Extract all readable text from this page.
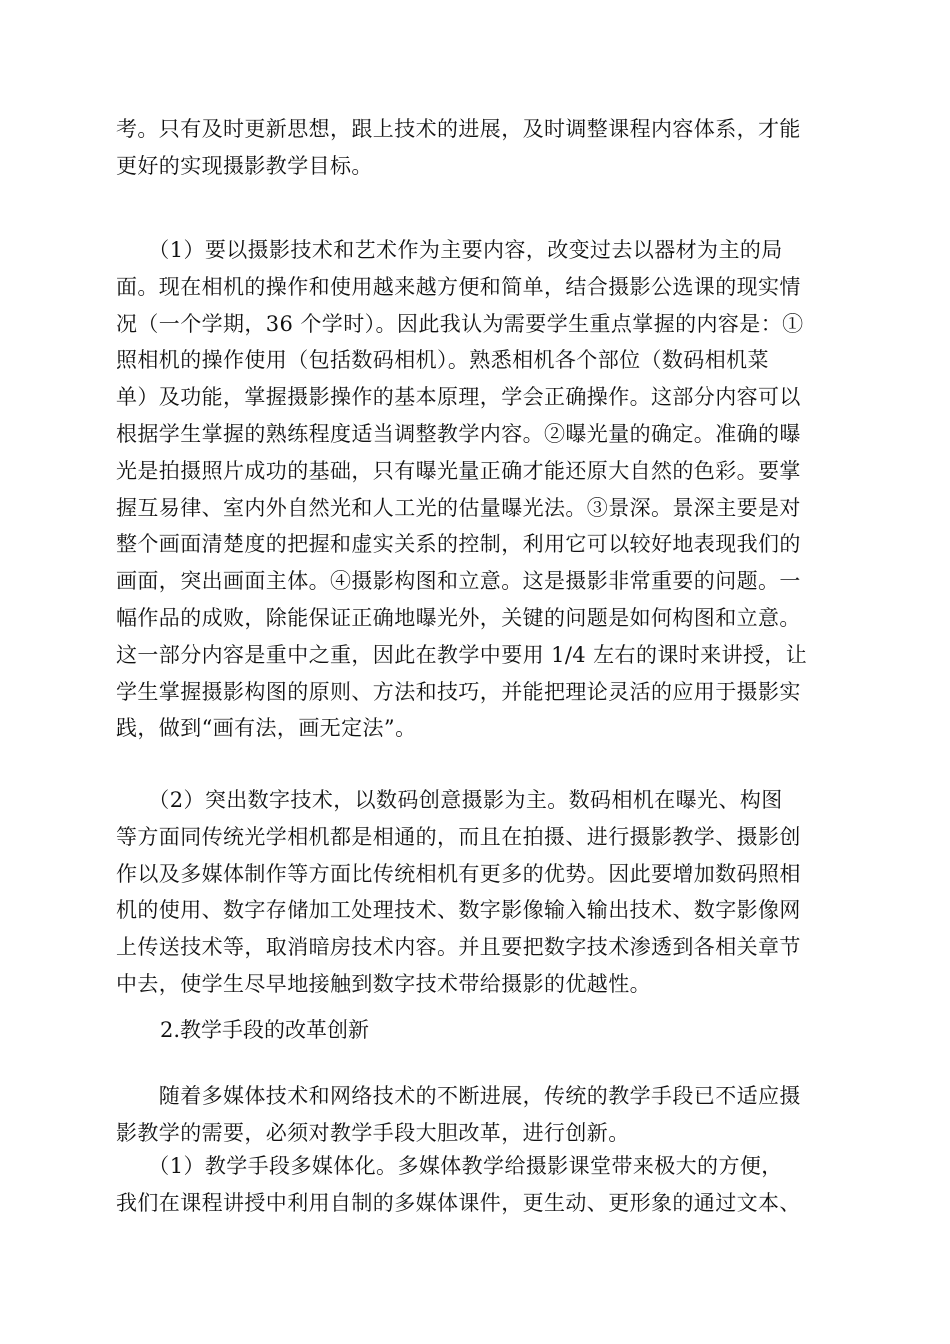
考。只有及时更新思想，跟上技术的进展，及时调整课程内容体系，才能
更好的实现摄影教学目标。

　　（1）要以摄影技术和艺术作为主要内容，改变过去以器材为主的局
面。现在相机的操作和使用越来越方便和简单，结合摄影公选课的现实情
况（一个学期，36 个学时）。因此我认为需要学生重点掌握的内容是：①
照相机的操作使用（包括数码相机）。熟悉相机各个部位（数码相机菜
单）及功能，掌握摄影操作的基本原理，学会正确操作。这部分内容可以
根据学生掌握的熟练程度适当调整教学内容。②曝光量的确定。准确的曝
光是拍摄照片成功的基础，只有曝光量正确才能还原大自然的色彩。要掌
握互易律、室内外自然光和人工光的估量曝光法。③景深。景深主要是对
整个画面清楚度的把握和虚实关系的控制，利用它可以较好地表现我们的
画面，突出画面主体。④摄影构图和立意。这是摄影非常重要的问题。一
幅作品的成败，除能保证正确地曝光外，关键的问题是如何构图和立意。
这一部分内容是重中之重，因此在教学中要用 1/4 左右的课时来讲授，让
学生掌握摄影构图的原则、方法和技巧，并能把理论灵活的应用于摄影实
践，做到“画有法，画无定法”。

　　（2）突出数字技术，以数码创意摄影为主。数码相机在曝光、构图
等方面同传统光学相机都是相通的，而且在拍摄、进行摄影教学、摄影创
作以及多媒体制作等方面比传统相机有更多的优势。因此要增加数码照相
机的使用、数字存储加工处理技术、数字影像输入输出技术、数字影像网
上传送技术等，取消暗房技术内容。并且要把数字技术渗透到各相关章节
中去，使学生尽早地接触到数字技术带给摄影的优越性。

2.教学手段的改革创新

　　随着多媒体技术和网络技术的不断进展，传统的教学手段已不适应摄
影教学的需要，必须对教学手段大胆改革，进行创新。

　　（1）教学手段多媒体化。多媒体教学给摄影课堂带来极大的方便，
我们在课程讲授中利用自制的多媒体课件，更生动、更形象的通过文本、
